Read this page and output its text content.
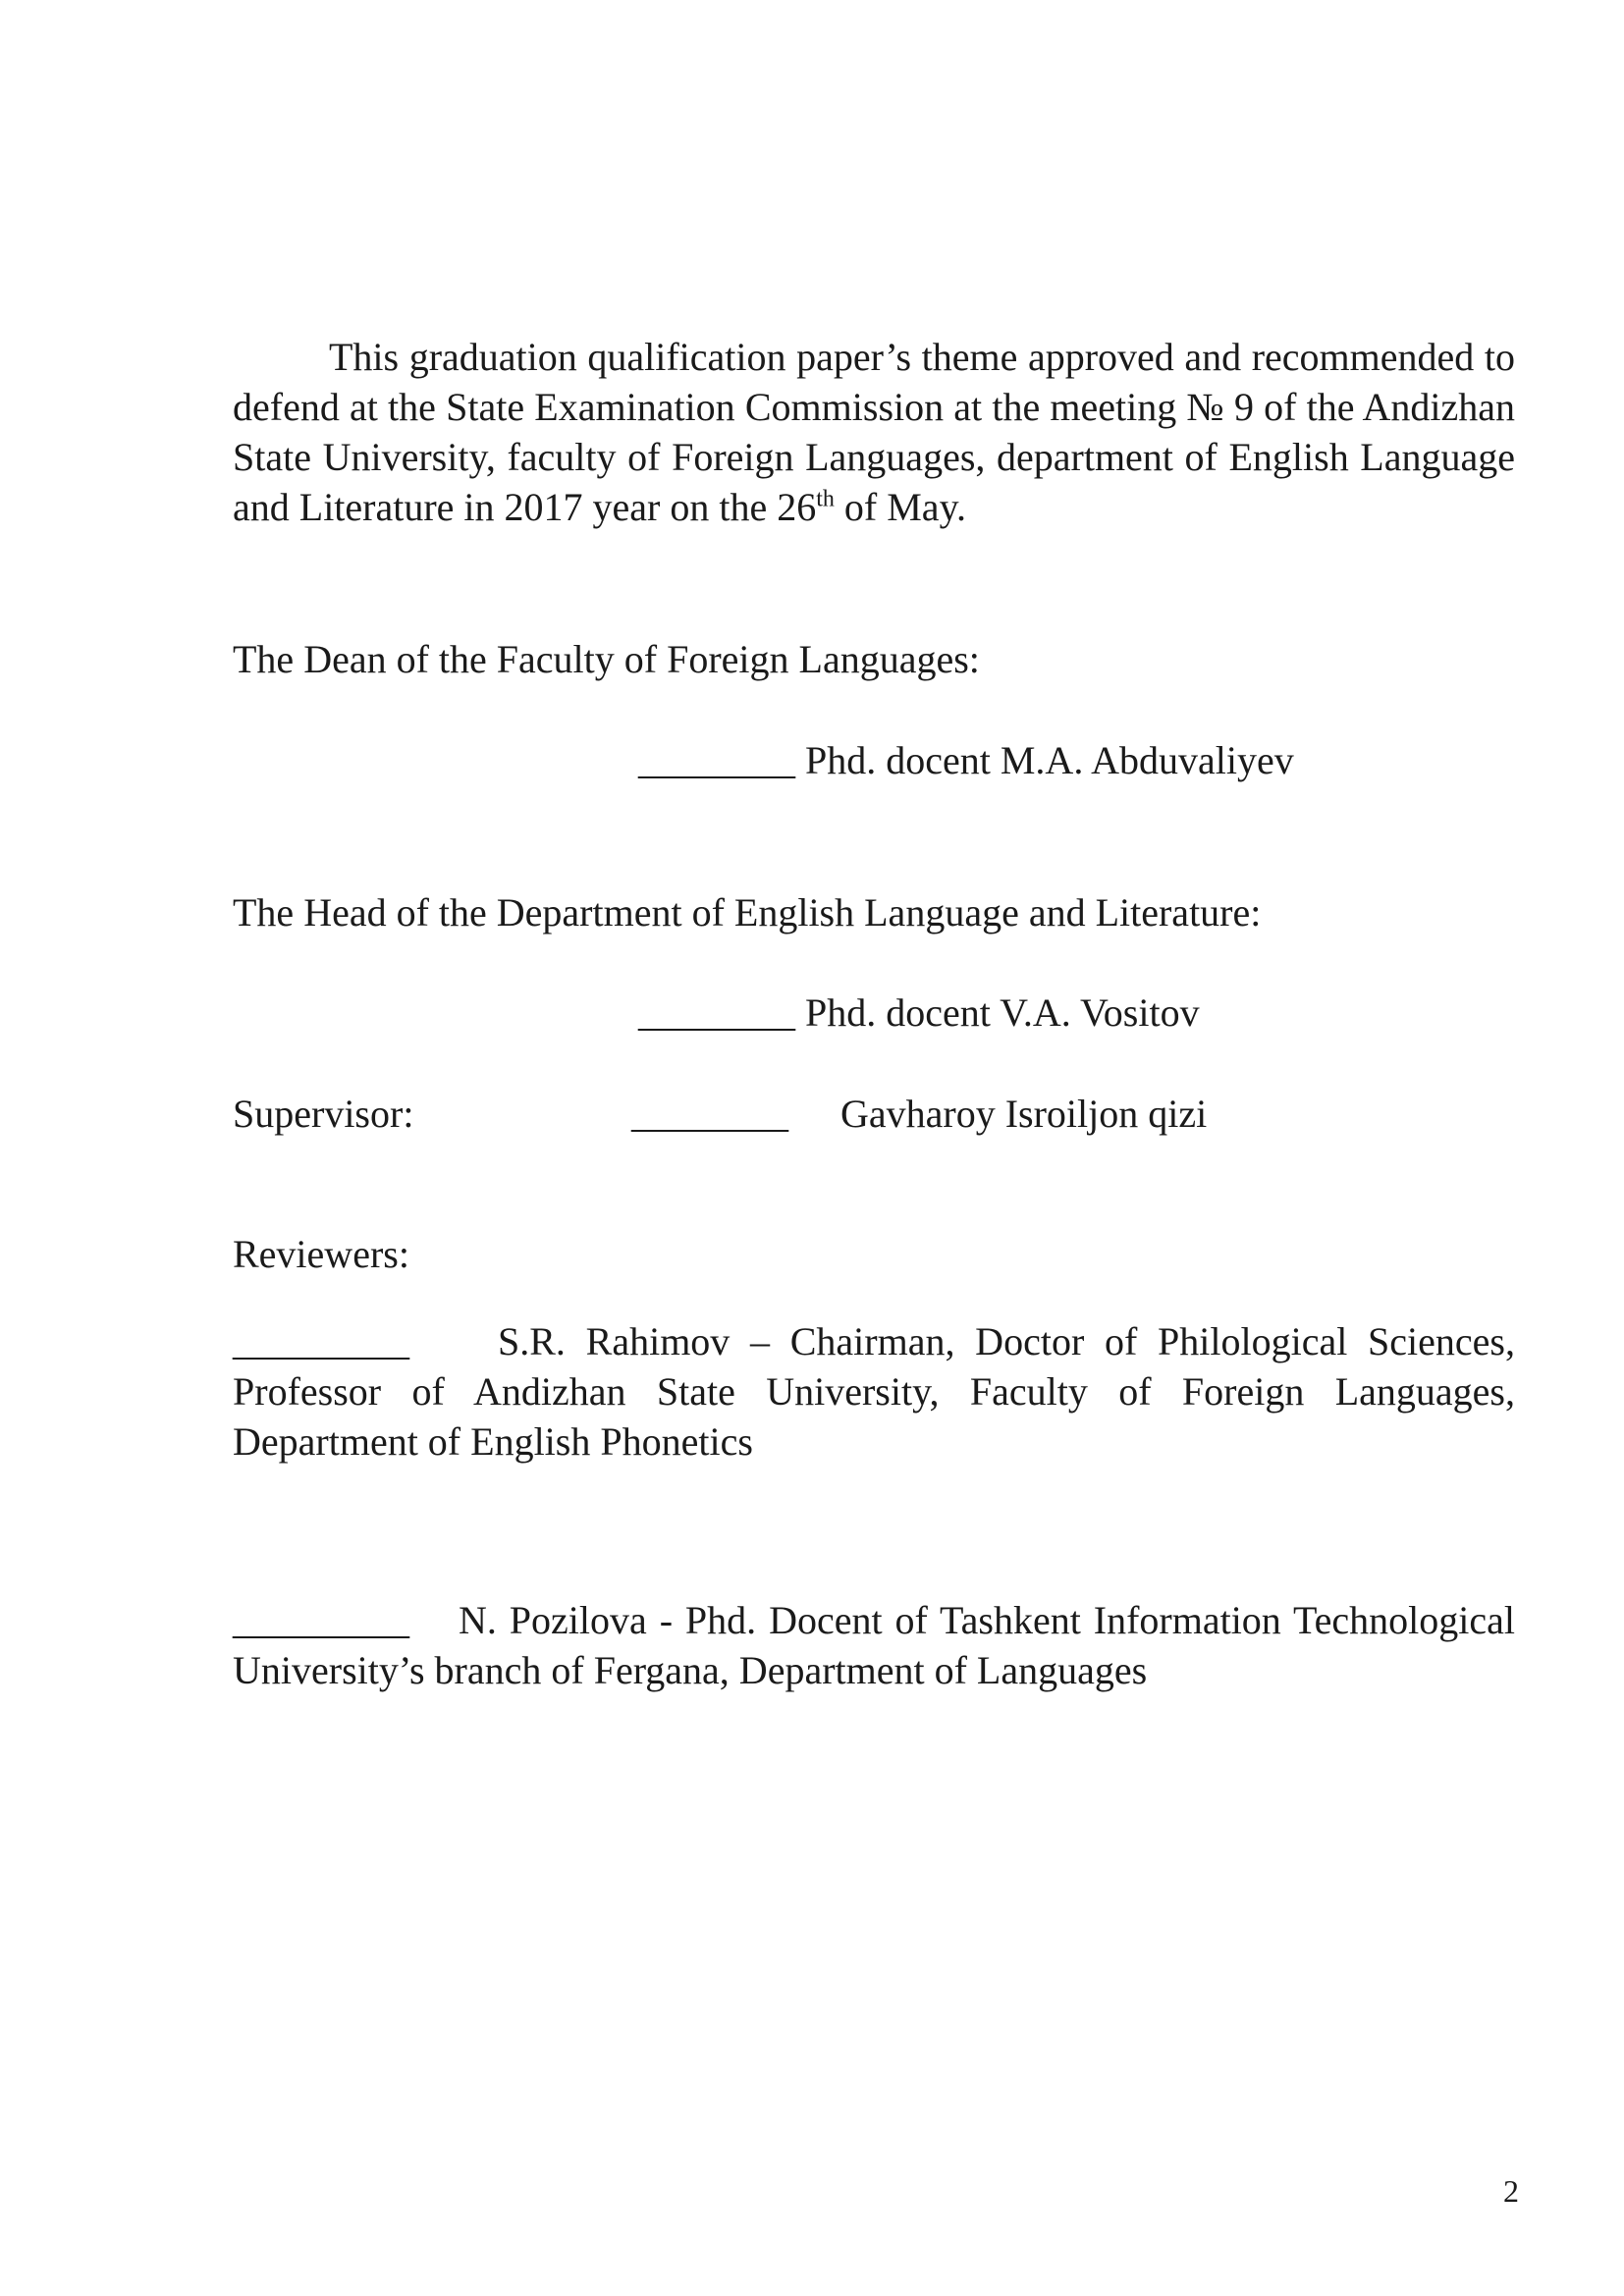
This graduation qualification paper’s theme approved and recommended to defend at the State Examination Commission at the meeting № 9 of the Andizhan State University, faculty of Foreign Languages, department of English Language and Literature in 2017 year on the 26th of May.

The Dean of the Faculty of Foreign Languages:
________ Phd. docent M.A. Abduvaliyev
The Head of the Department of English Language and Literature:
________ Phd. docent V.A. Vositov
Supervisor:	________ Gavharoy Isroiljon qizi
Reviewers:

_________ S.R. Rahimov – Chairman, Doctor of Philological Sciences, Professor of Andizhan State University, Faculty of Foreign Languages, Department of English Phonetics

_________ N. Pozilova - Phd. Docent of Tashkent Information Technological University’s branch of Fergana, Department of Languages

2
